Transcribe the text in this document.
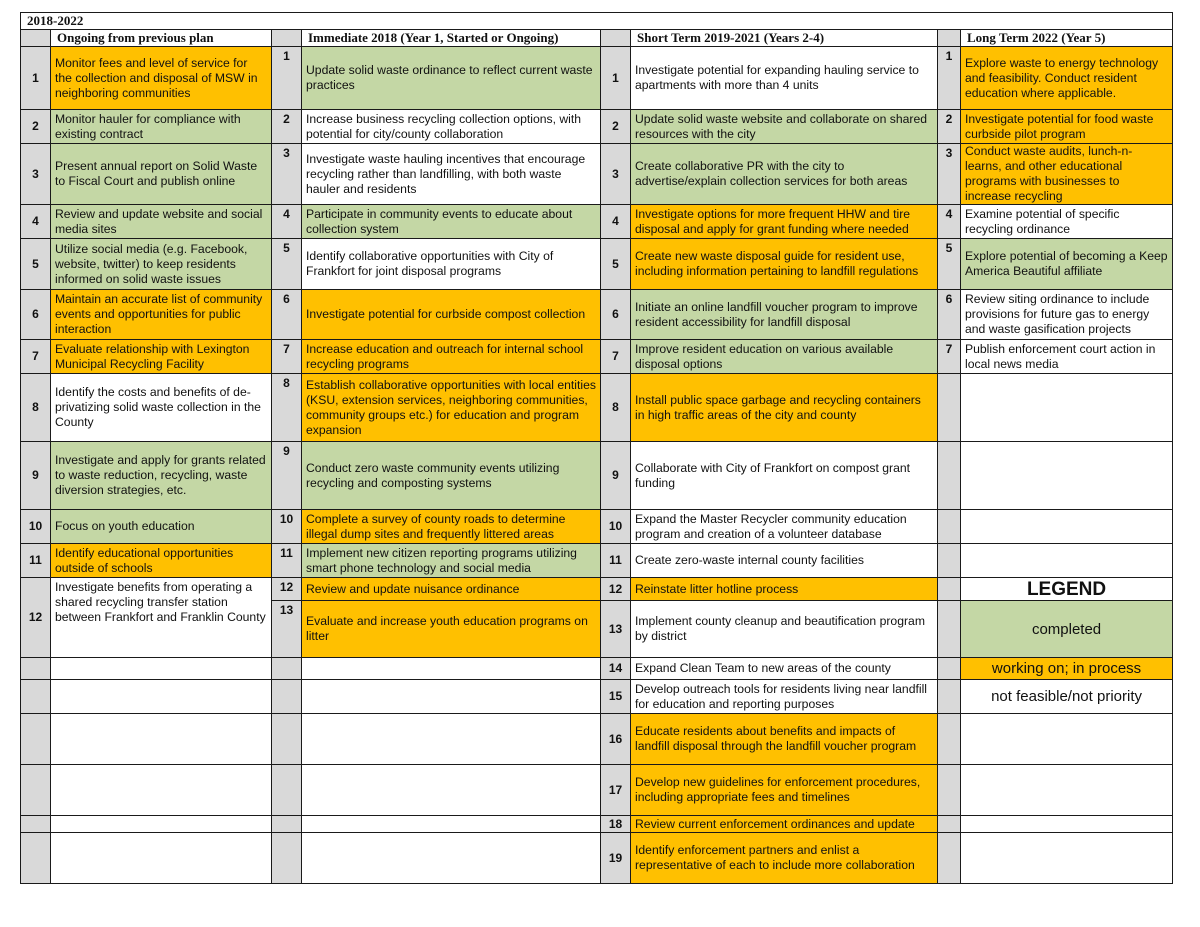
2018-2022							
	Ongoing from previous plan		Immediate 2018 (Year 1, Started or Ongoing)		Short Term 2019-2021 (Years 2-4)		Long Term 2022 (Year 5)
1	Monitor fees and level of service for the collection and disposal of MSW in neighboring communities	1	Update solid waste ordinance to reflect current waste practices	1	Investigate potential for expanding hauling service to apartments with more than 4 units	1	Explore waste to energy technology and feasibility. Conduct resident education where applicable.
2	Monitor hauler for compliance with existing contract	2	Increase business recycling collection options, with potential for city/county collaboration	2	Update solid waste website and collaborate on shared resources with the city	2	Investigate potential for food waste curbside pilot program
3	Present annual report on Solid Waste to Fiscal Court and publish online	3	Investigate waste hauling incentives that encourage recycling rather than landfilling, with both waste hauler and residents	3	Create collaborative PR with the city to advertise/explain collection services for both areas	3	Conduct waste audits, lunch-n-learns, and other educational programs with businesses to increase recycling
4	Review and update website and social media sites	4	Participate in community events to educate about collection system	4	Investigate options for more frequent HHW and tire disposal and apply for grant funding where needed	4	Examine potential of specific recycling ordinance
5	Utilize social media (e.g. Facebook, website, twitter) to keep residents informed on solid waste issues	5	Identify collaborative opportunities with City of Frankfort for joint disposal programs	5	Create new waste disposal guide for resident use, including information pertaining to landfill regulations	5	Explore potential of becoming a Keep America Beautiful affiliate
6	Maintain an accurate list of community events and opportunities for public interaction	6	Investigate potential for curbside compost collection	6	Initiate an online landfill voucher program to improve resident accessibility for landfill disposal	6	Review siting ordinance to include provisions for future gas to energy and waste gasification projects
7	Evaluate relationship with Lexington Municipal Recycling Facility	7	Increase education and outreach for internal school recycling programs	7	Improve resident education on various available disposal options	7	Publish enforcement court action in local news media
8	Identify the costs and benefits of de-privatizing solid waste collection in the County	8	Establish collaborative opportunities with local entities (KSU, extension services, neighboring communities, community groups etc.) for education and program expansion	8	Install public space garbage and recycling containers in high traffic areas of the city and county		
9	Investigate and apply for grants related to waste reduction, recycling, waste diversion strategies, etc.	9	Conduct zero waste community events utilizing recycling and composting systems	9	Collaborate with City of Frankfort on compost grant funding		
10	Focus on youth education	10	Complete a survey of county roads to determine illegal dump sites and frequently littered areas	10	Expand the Master Recycler community education program and creation of a volunteer database		
11	Identify educational opportunities outside of schools	11	Implement new citizen reporting programs utilizing smart phone technology and social media	11	Create zero-waste internal county facilities		
12	Investigate benefits from operating a shared recycling transfer station between Frankfort and Franklin County	12	Review and update nuisance ordinance	12	Reinstate litter hotline process		LEGEND
		13	Evaluate and increase youth education programs on litter	13	Implement county cleanup and beautification program by district		completed
				14	Expand Clean Team to new areas of the county		working on; in process
				15	Develop outreach tools for residents living near landfill for education and reporting purposes		not feasible/not priority
				16	Educate residents about benefits and impacts of landfill disposal through the landfill voucher program		
				17	Develop new guidelines for enforcement procedures, including appropriate fees and timelines		
				18	Review current enforcement ordinances and update		
				19	Identify enforcement partners and enlist a representative of each to include more collaboration		
